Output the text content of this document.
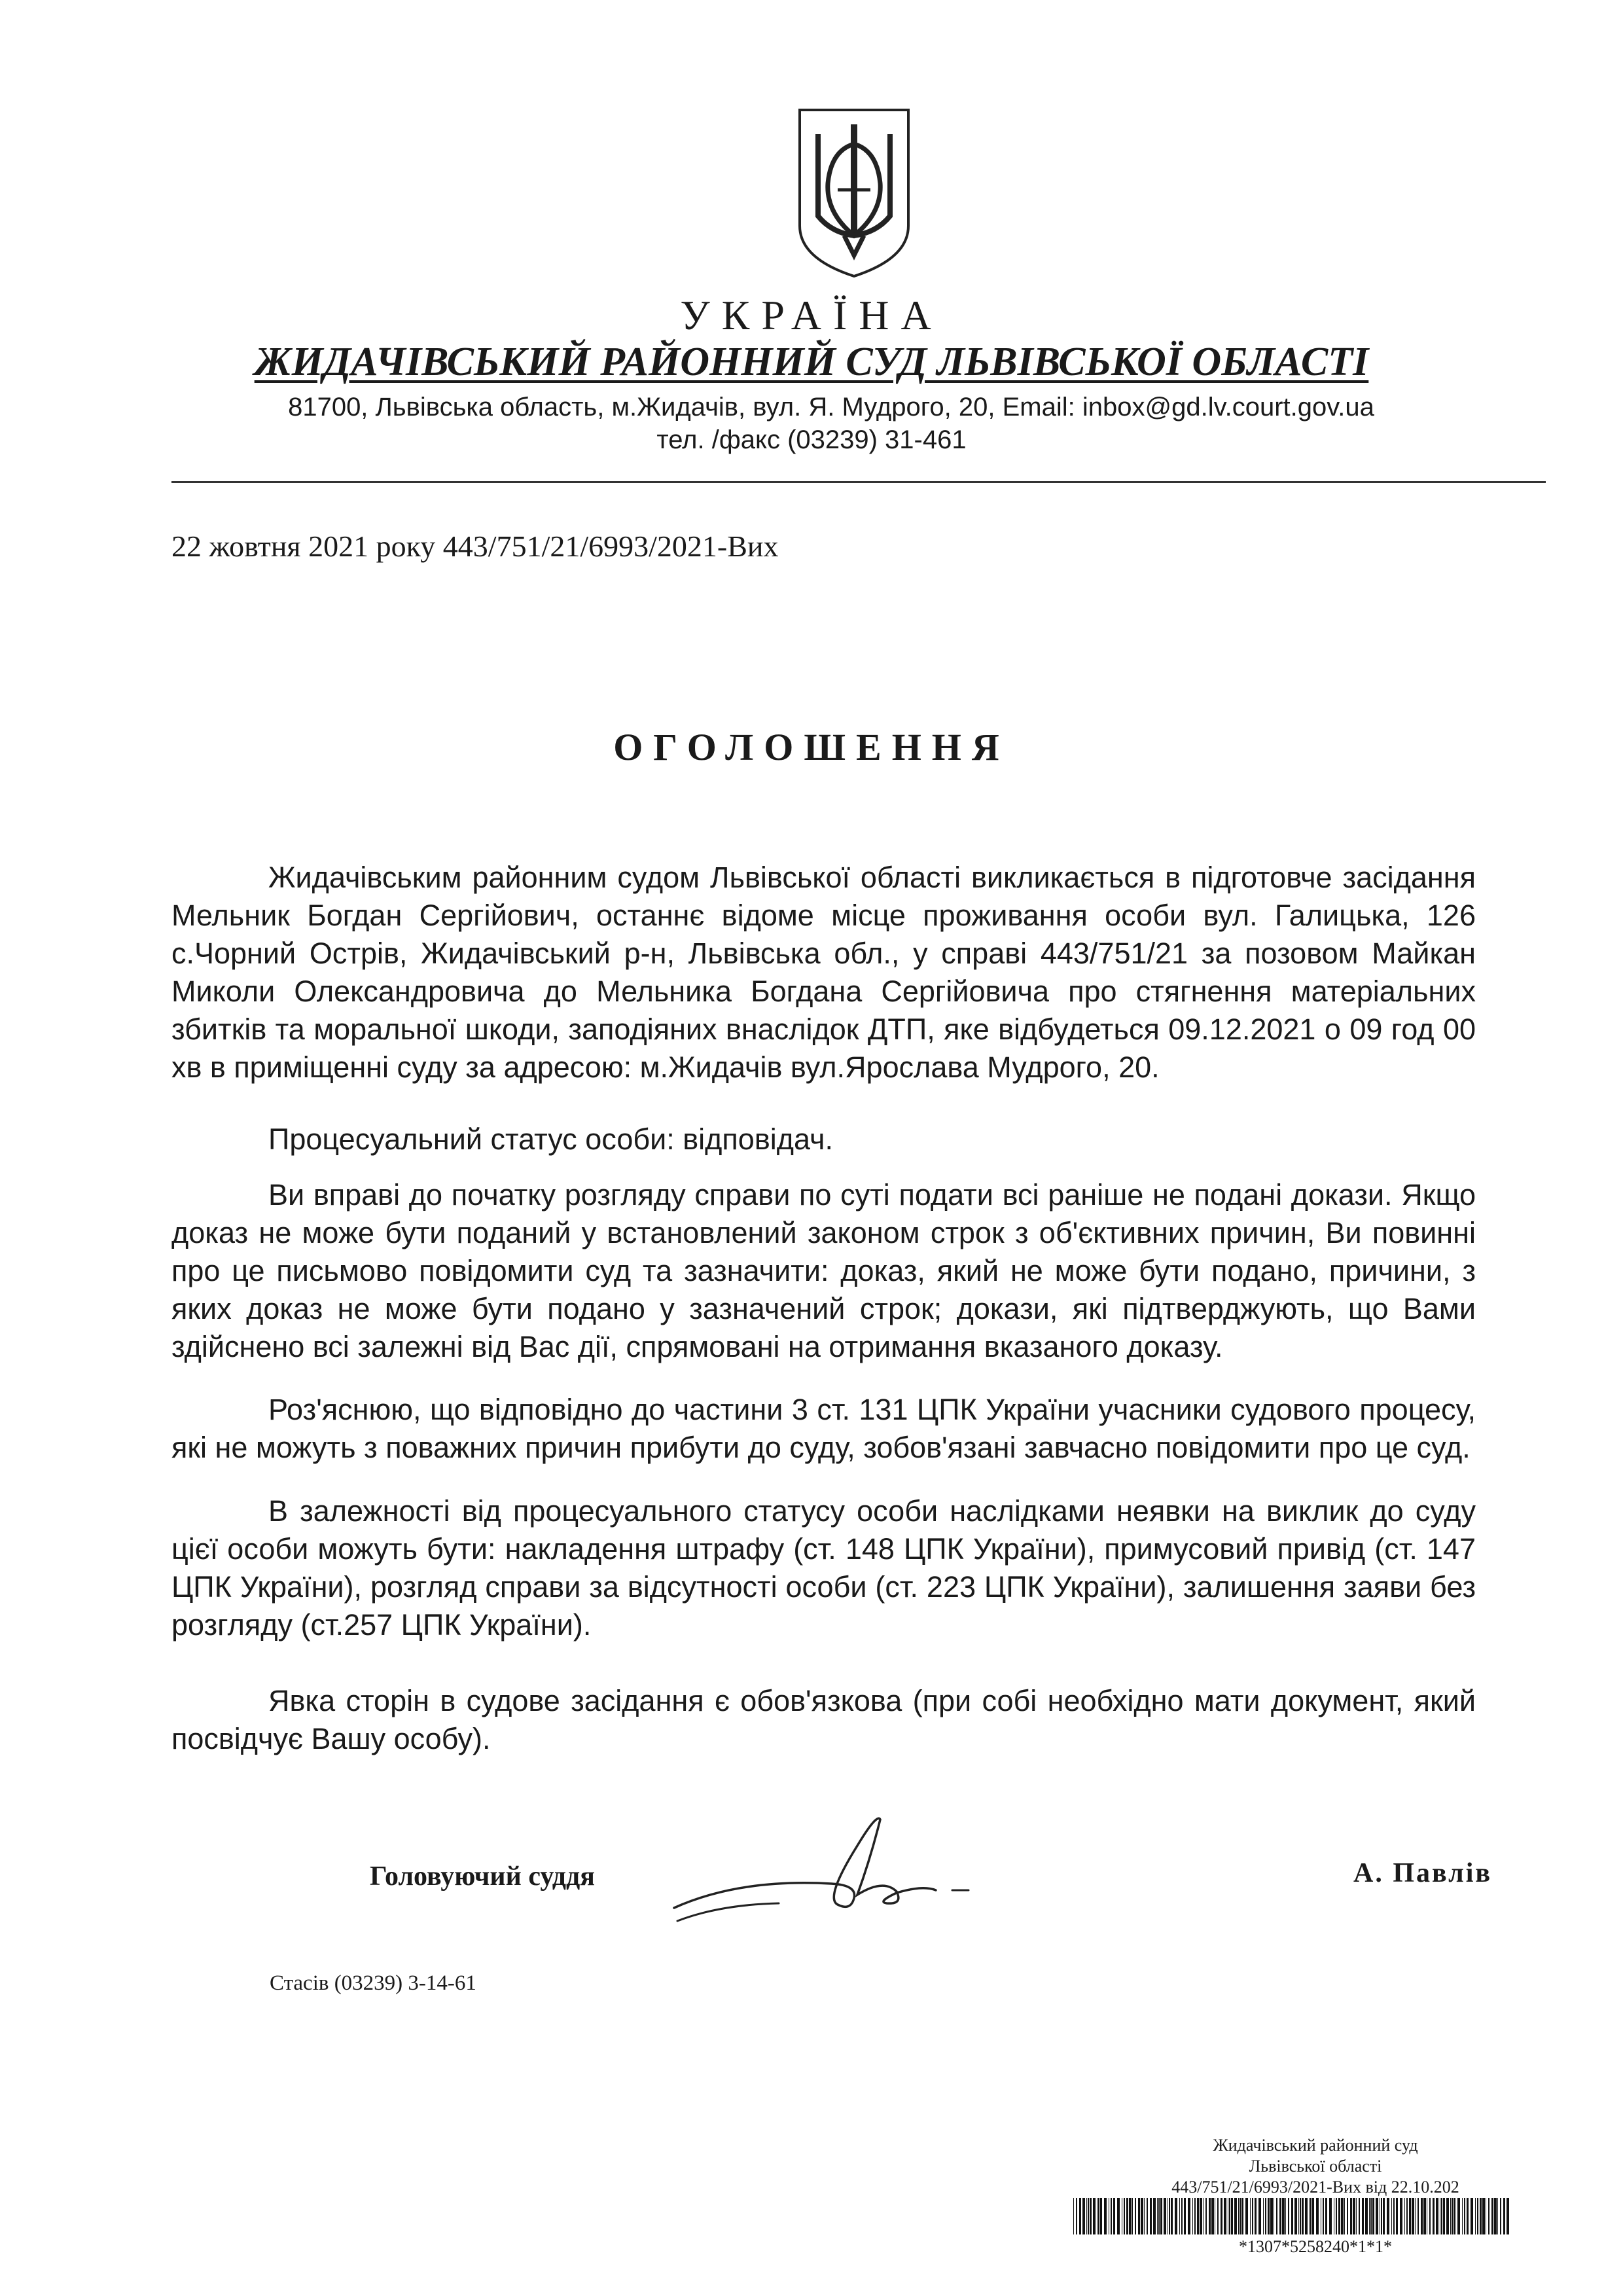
УКРАЇНА
ЖИДАЧІВСЬКИЙ РАЙОННИЙ СУД ЛЬВІВСЬКОЇ ОБЛАСТІ
81700, Львівська область, м.Жидачів, вул. Я. Мудрого, 20, Email: inbox@gd.lv.court.gov.ua
тел. /факс (03239) 31-461
22 жовтня 2021 року 443/751/21/6993/2021-Вих
ОГОЛОШЕННЯ
Жидачівським районним судом Львівської області викликається в підготовче засідання Мельник Богдан Сергійович, останнє відоме місце проживання особи вул. Галицька, 126 с.Чорний Острів, Жидачівський р-н, Львівська обл., у справі 443/751/21 за позовом Майкан Миколи Олександровича до Мельника Богдана Сергійовича про стягнення матеріальних збитків та моральної шкоди, заподіяних внаслідок ДТП, яке відбудеться 09.12.2021 о 09 год 00 хв в приміщенні суду за адресою: м.Жидачів вул.Ярослава Мудрого, 20.
Процесуальний статус особи: відповідач.
Ви вправі до початку розгляду справи по суті подати всі раніше не подані докази. Якщо доказ не може бути поданий у встановлений законом строк з об'єктивних причин, Ви повинні про це письмово повідомити суд та зазначити: доказ, який не може бути подано, причини, з яких доказ не може бути подано у зазначений строк; докази, які підтверджують, що Вами здійснено всі залежні від Вас дії, спрямовані на отримання вказаного доказу.
Роз'яснюю, що відповідно до частини 3 ст. 131 ЦПК України учасники судового процесу, які не можуть з поважних причин прибути до суду, зобов'язані завчасно повідомити про це суд.
В залежності від процесуального статусу особи наслідками неявки на виклик до суду цієї особи можуть бути: накладення штрафу (ст. 148 ЦПК України), примусовий привід (ст. 147 ЦПК України), розгляд справи за відсутності особи (ст. 223 ЦПК України), залишення заяви без розгляду (ст.257 ЦПК України).
Явка сторін в судове засідання є обов'язкова (при собі необхідно мати документ, який посвідчує Вашу особу).
Головуючий суддя	А. Павлів
Стасів (03239) 3-14-61
Жидачівський районний суд
Львівської області
443/751/21/6993/2021-Вих від 22.10.202
*1307*5258240*1*1*
